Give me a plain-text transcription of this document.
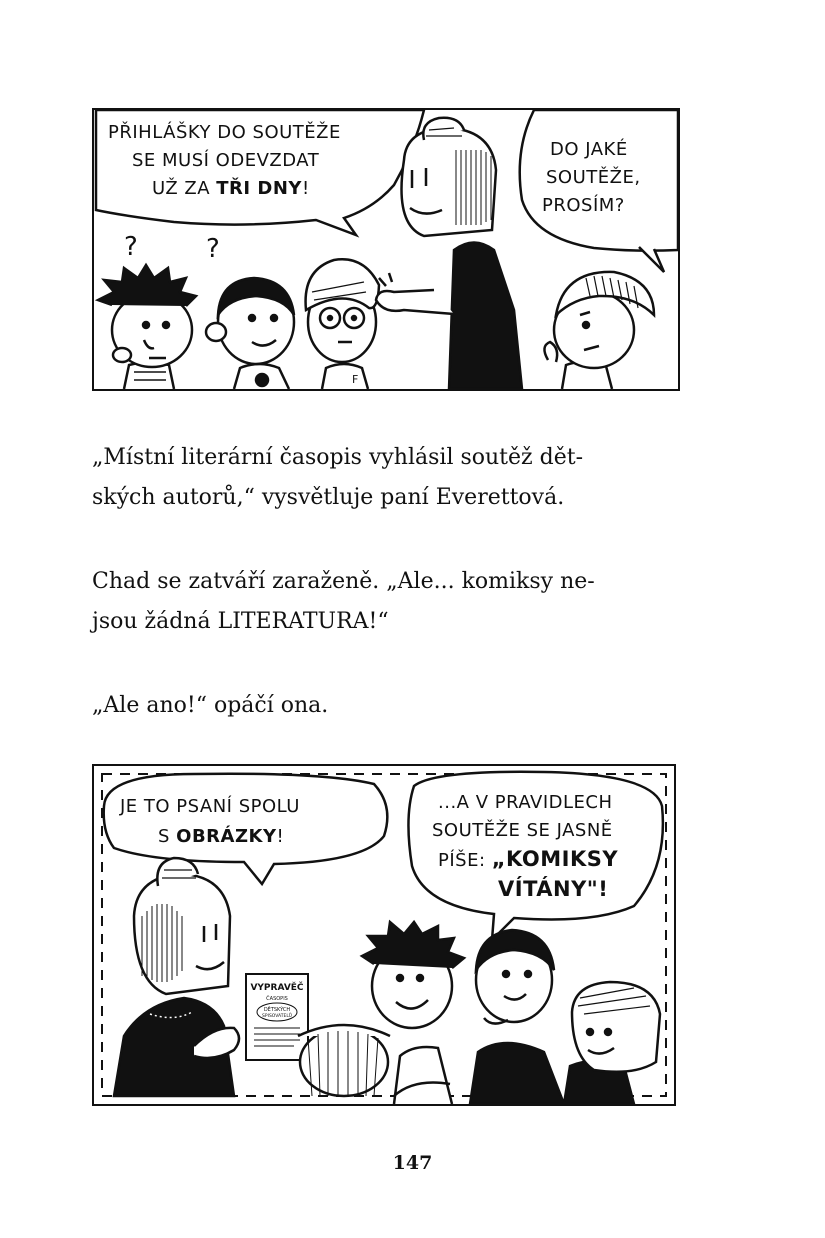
PŘIHLÁŠKY DO SOUTĚŽE
SE MUSÍ ODEVZDAT
UŽ ZA TŘI DNY!
DO JAKÉ
SOUTĚŽE,
PROSÍM?
?	?
F

„Místní literární časopis vyhlásil soutěž dět-
ských autorů,“ vysvětluje paní Everettová.

Chad se zatváří zaraženě. „Ale... komiksy ne-
jsou žádná LITERATURA!“

„Ale ano!“ opáčí ona.

JE TO PSANÍ SPOLU
S OBRÁZKY!
...A V PRAVIDLECH
SOUTĚŽE SE JASNĚ
PÍŠE: „KOMIKSY
VÍTÁNY"!
VYPRAVĚČ
ČASOPIS
DĚTSKÝCH
SPISOVATELŮ
147
